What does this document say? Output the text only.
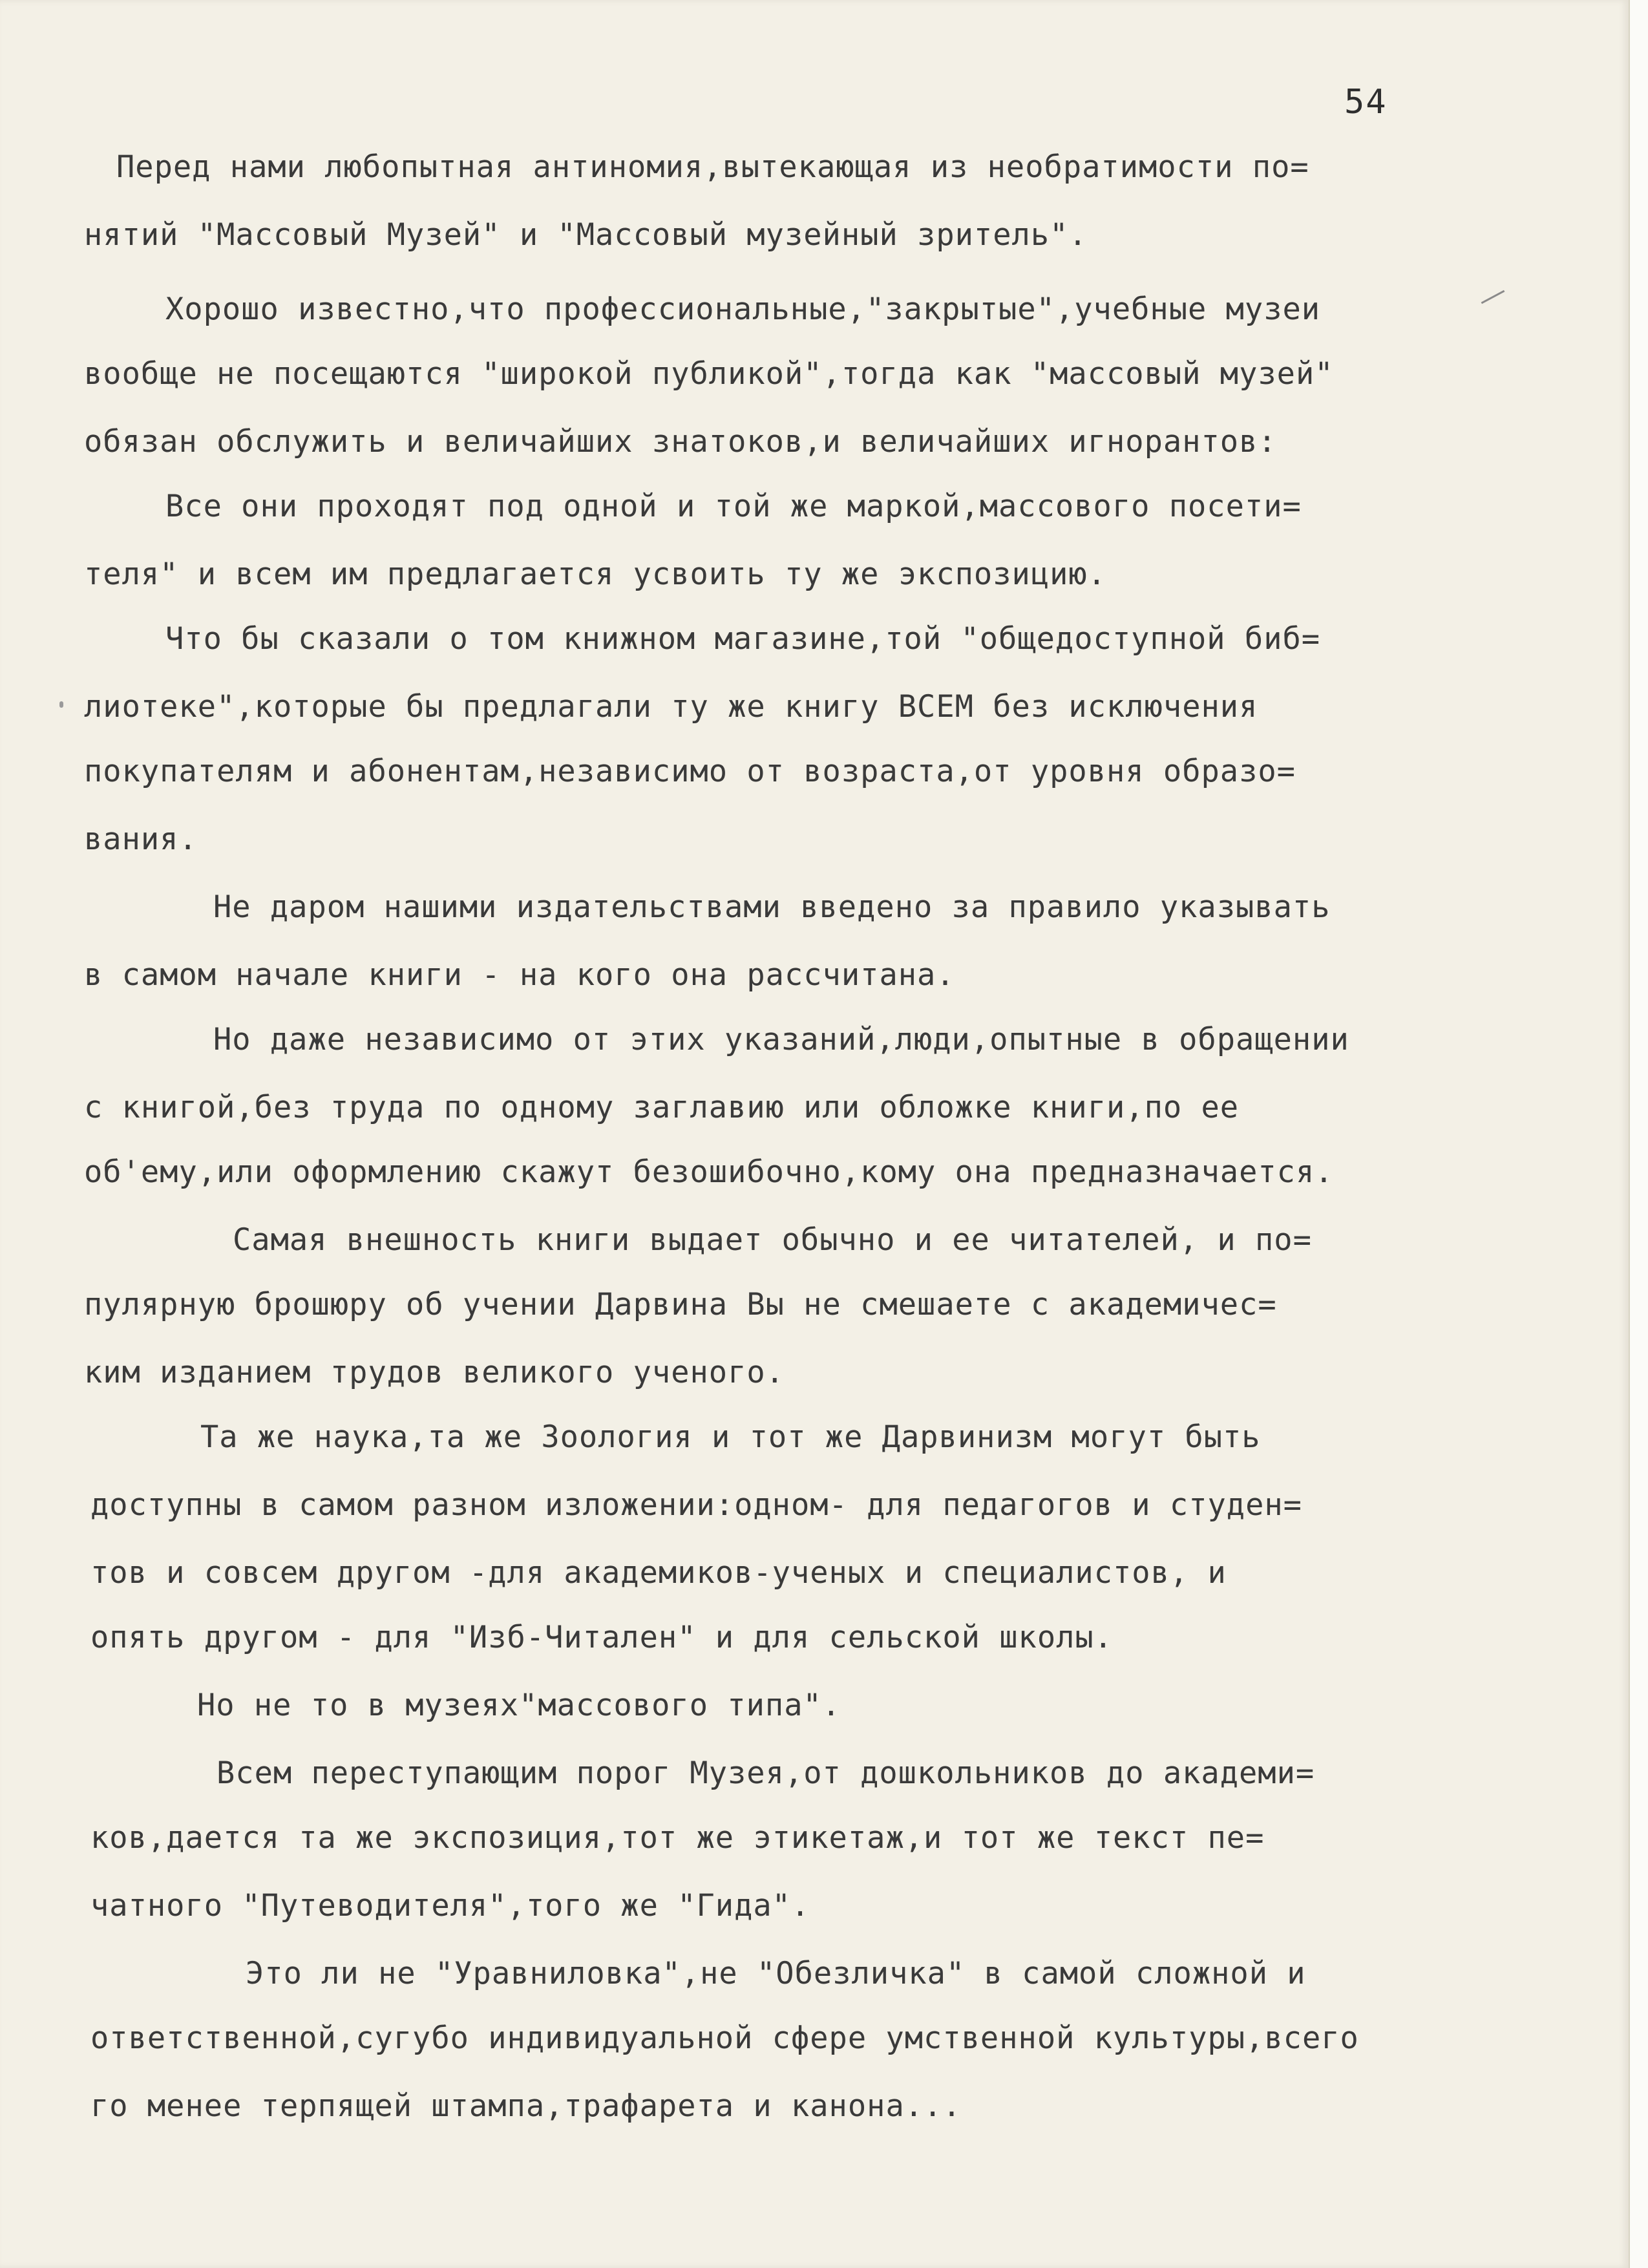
54
Перед нами любопытная антиномия,вытекающая из необратимости по=
нятий "Массовый Музей" и "Массовый музейный зритель".
Хорошо известно,что профессиональные,"закрытые",учебные музеи
вообще не посещаются "широкой публикой",тогда как "массовый музей"
обязан обслужить и величайших знатоков,и величайших игнорантов:
Все они проходят под одной и той же маркой,массового посети=
теля" и всем им предлагается усвоить ту же экспозицию.
Что бы сказали о том книжном магазине,той "общедоступной биб=
лиотеке",которые бы предлагали ту же книгу ВСЕМ без исключения
покупателям и абонентам,независимо от возраста,от уровня образо=
вания.
Не даром нашими издательствами введено за правило указывать
в самом начале книги - на кого она рассчитана.
Но даже независимо от этих указаний,люди,опытные в обращении
с книгой,без труда по одному заглавию или обложке книги,по ее
об'ему,или оформлению скажут безошибочно,кому она предназначается.
Самая внешность книги выдает обычно и ее читателей, и по=
пулярную брошюру об учении Дарвина Вы не смешаете с академичес=
ким изданием трудов великого ученого.
Та же наука,та же Зоология и тот же Дарвинизм могут быть
доступны в самом разном изложении:одном- для педагогов и студен=
тов и совсем другом -для академиков-ученых и специалистов, и
опять другом - для "Изб-Читален" и для сельской школы.
Но не то в музеях"массового типа".
Всем переступающим порог Музея,от дошкольников до академи=
ков,дается та же экспозиция,тот же этикетаж,и тот же текст пе=
чатного "Путеводителя",того же "Гида".
Это ли не "Уравниловка",не "Обезличка" в самой сложной и
ответственной,сугубо индивидуальной сфере умственной культуры,всего
го менее терпящей штампа,трафарета и канона...
